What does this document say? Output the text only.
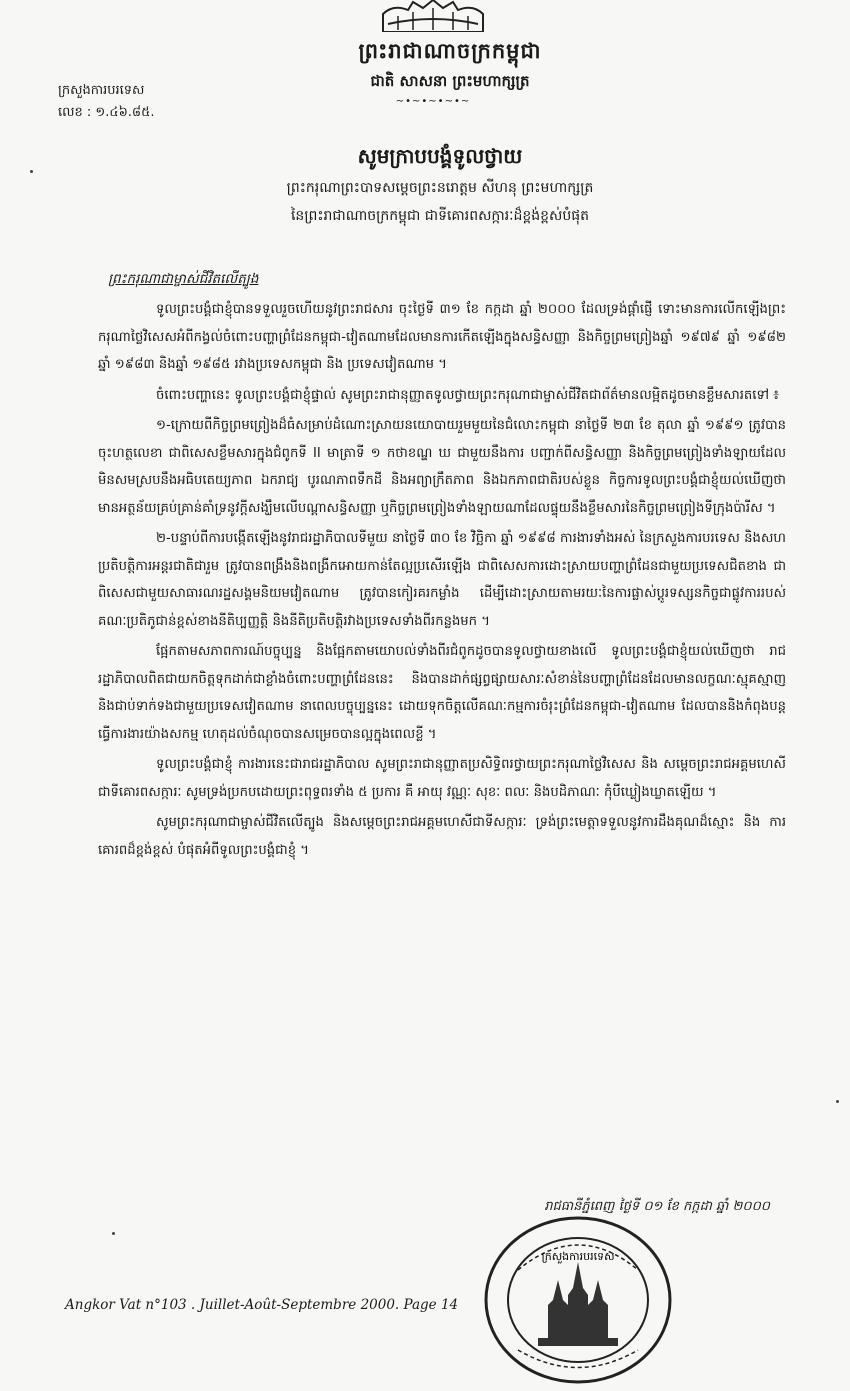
ព្រះរាជាណាចក្រកម្ពុជា
ជាតិ សាសនា ព្រះមហាក្សត្រ
~•~•~•~•~
ក្រសួងការបរទេស
លេខ : ១.៤៦.៨៥.
សូមក្រាបបង្គំទូលថ្វាយ
ព្រះករុណាព្រះបាទសម្តេចព្រះនរោត្តម សីហនុ ព្រះមហាក្សត្រ
នៃព្រះរាជាណាចក្រកម្ពុជា ជាទីគោរពសក្ការៈដ៏ខ្ពង់ខ្ពស់បំផុត
ព្រះករុណាជាម្ចាស់ជីវិតលើត្បូង

ទូលព្រះបង្គំជាខ្ញុំបានទទួលរួចហើយនូវព្រះរាជសារ ចុះថ្ងៃទី ៣១ ខែ កក្កដា ឆ្នាំ ២០០០ ដែលទ្រង់ផ្តាំផ្ញើ ទោះមានការលើកឡើងព្រះករុណាថ្លៃវិសេសអំពីកង្វល់ចំពោះបញ្ហាព្រំដែនកម្ពុជា-វៀតណាមដែលមានការកើតឡើងក្នុងសន្ធិសញ្ញា និងកិច្ចព្រមព្រៀងឆ្នាំ ១៩៧៩ ឆ្នាំ ១៩៨២ ឆ្នាំ ១៩៨៣ និងឆ្នាំ ១៩៨៥ រវាងប្រទេសកម្ពុជា និង ប្រទេសវៀតណាម ។

ចំពោះបញ្ហានេះ ទូលព្រះបង្គំជាខ្ញុំផ្ទាល់ សូមព្រះរាជានុញ្ញាតទូលថ្វាយព្រះករុណាជាម្ចាស់ជីវិតជាព័ត៌មានលម្អិតដូចមានខ្លឹមសារតទៅ ៖

១-ក្រោយពីកិច្ចព្រមព្រៀងដ៏ធំសម្រាប់ដំណោះស្រាយនយោបាយរួមមួយនៃជំលោះកម្ពុជា នាថ្ងៃទី ២៣ ខែ តុលា ឆ្នាំ ១៩៩១ ត្រូវបានចុះហត្ថលេខា ជាពិសេសខ្លឹមសារក្នុងជំពូកទី II មាត្រាទី ១ កថាខណ្ឌ ឃ ជាមួយនឹងការ បញ្ជាក់ពីសន្ធិសញ្ញា និងកិច្ចព្រមព្រៀងទាំងឡាយដែលមិនសមស្របនឹងអធិបតេយ្យភាព ឯករាជ្យ បូរណភាពទឹកដី និងអព្យាក្រឹតភាព និងឯកភាពជាតិរបស់ខ្លួន កិច្ចការទូលព្រះបង្គំជាខ្ញុំយល់ឃើញថា មានអត្ថន័យគ្រប់គ្រាន់គាំទ្រនូវក្តីសង្ឃឹមលើបណ្តាសន្ធិសញ្ញា ឬកិច្ចព្រមព្រៀងទាំងឡាយណាដែលផ្ទុយនឹងខ្លឹមសារនៃកិច្ចព្រមព្រៀងទីក្រុងប៉ារីស ។

២-បន្ទាប់ពីការបង្កើតឡើងនូវរាជរដ្ឋាភិបាលទីមួយ នាថ្ងៃទី ៣០ ខែ វិច្ឆិកា ឆ្នាំ ១៩៩៨ ការងារទាំងអស់ នៃក្រសួងការបរទេស និងសហប្រតិបត្តិការអន្តរជាតិជារួម ត្រូវបានពង្រឹងនិងពង្រីកអោយកាន់តែល្អប្រសើរឡើង ជាពិសេសការដោះស្រាយបញ្ហាព្រំដែនជាមួយប្រទេសជិតខាង ជាពិសេសជាមួយសាធារណរដ្ឋសង្គមនិយមវៀតណាម ត្រូវបានកៀរគរកម្លាំង ដើម្បីដោះស្រាយតាមរយៈនៃការផ្លាស់ប្តូរទស្សនកិច្ចជាផ្លូវការរបស់គណៈប្រតិភូជាន់ខ្ពស់ខាងនីតិប្បញ្ញត្តិ និងនីតិប្រតិបត្តិរវាងប្រទេសទាំងពីរកន្លងមក ។

ផ្អែកតាមសភាពការណ៍បច្ចុប្បន្ន និងផ្អែកតាមយោបល់ទាំងពីរជំពូកដូចបានទូលថ្វាយខាងលើ ទូលព្រះបង្គំជាខ្ញុំយល់ឃើញថា រាជរដ្ឋាភិបាលពិតជាយកចិត្តទុកដាក់ជាខ្លាំងចំពោះបញ្ហាព្រំដែននេះ និងបានដាក់ផ្សព្វផ្សាយសារៈសំខាន់នៃបញ្ហាព្រំដែនដែលមានលក្ខណៈស្មុគស្មាញនិងជាប់ទាក់ទងជាមួយប្រទេសវៀតណាម នាពេលបច្ចុប្បន្ននេះ ដោយទុកចិត្តលើគណៈកម្មការចំរុះព្រំដែនកម្ពុជា-វៀតណាម ដែលបាននិងកំពុងបន្តធ្វើការងារយ៉ាងសកម្ម ហេតុដល់ចំណុចបានសម្រេចបានល្អក្នុងពេលខ្លី ។

ទូលព្រះបង្គំជាខ្ញុំ ការងារនេះជារាជរដ្ឋាភិបាល សូមព្រះរាជានុញ្ញាតប្រសិទ្ធិពរថ្វាយព្រះករុណាថ្លៃវិសេស និង សម្តេចព្រះរាជអគ្គមហេសី ជាទីគោរពសក្ការៈ សូមទ្រង់ប្រកបដោយព្រះពុទ្ធពរទាំង ៥ ប្រការ គឺ អាយុ វណ្ណៈ សុខៈ ពលៈ និងបដិភាណៈ កុំបីឃ្លៀងឃ្លាតឡើយ ។

សូមព្រះករុណាជាម្ចាស់ជីវិតលើត្បូង និងសម្តេចព្រះរាជអគ្គមហេសីជាទីសក្ការៈ ទ្រង់ព្រះមេត្តាទទួលនូវការដឹងគុណដ៏ស្មោះ និង ការគោរពដ៏ខ្ពង់ខ្ពស់ បំផុតអំពីទូលព្រះបង្គំជាខ្ញុំ ។

រាជធានីភ្នំពេញ ថ្ងៃទី ០១ ខែ កក្កដា ឆ្នាំ ២០០០
ក្រសួងការបរទេស
Angkor Vat n°103 . Juillet-Août-Septembre 2000. Page 14
